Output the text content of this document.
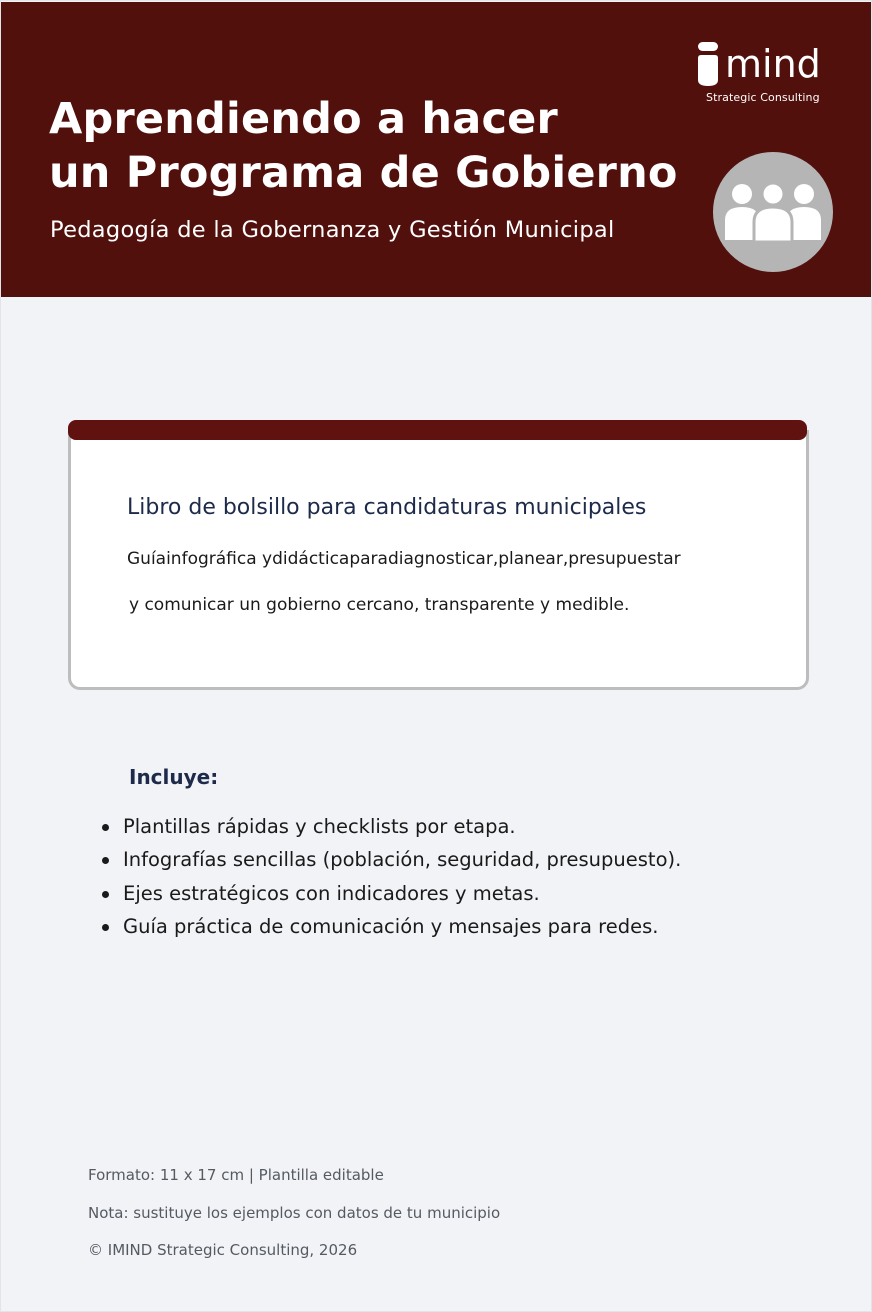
Aprendiendo a hacer
un Programa de Gobierno
Pedagogía de la Gobernanza y Gestión Municipal
mind
Strategic Consulting
Libro de bolsillo para candidaturas municipales
Guíainfográfica ydidácticaparadiagnosticar,planear,presupuestar
y comunicar un gobierno cercano, transparente y medible.
Incluye:
Plantillas rápidas y checklists por etapa.
Infografías sencillas (población, seguridad, presupuesto).
Ejes estratégicos con indicadores y metas.
Guía práctica de comunicación y mensajes para redes.
Formato: 11 x 17 cm | Plantilla editable
Nota: sustituye los ejemplos con datos de tu municipio
© IMIND Strategic Consulting, 2026
